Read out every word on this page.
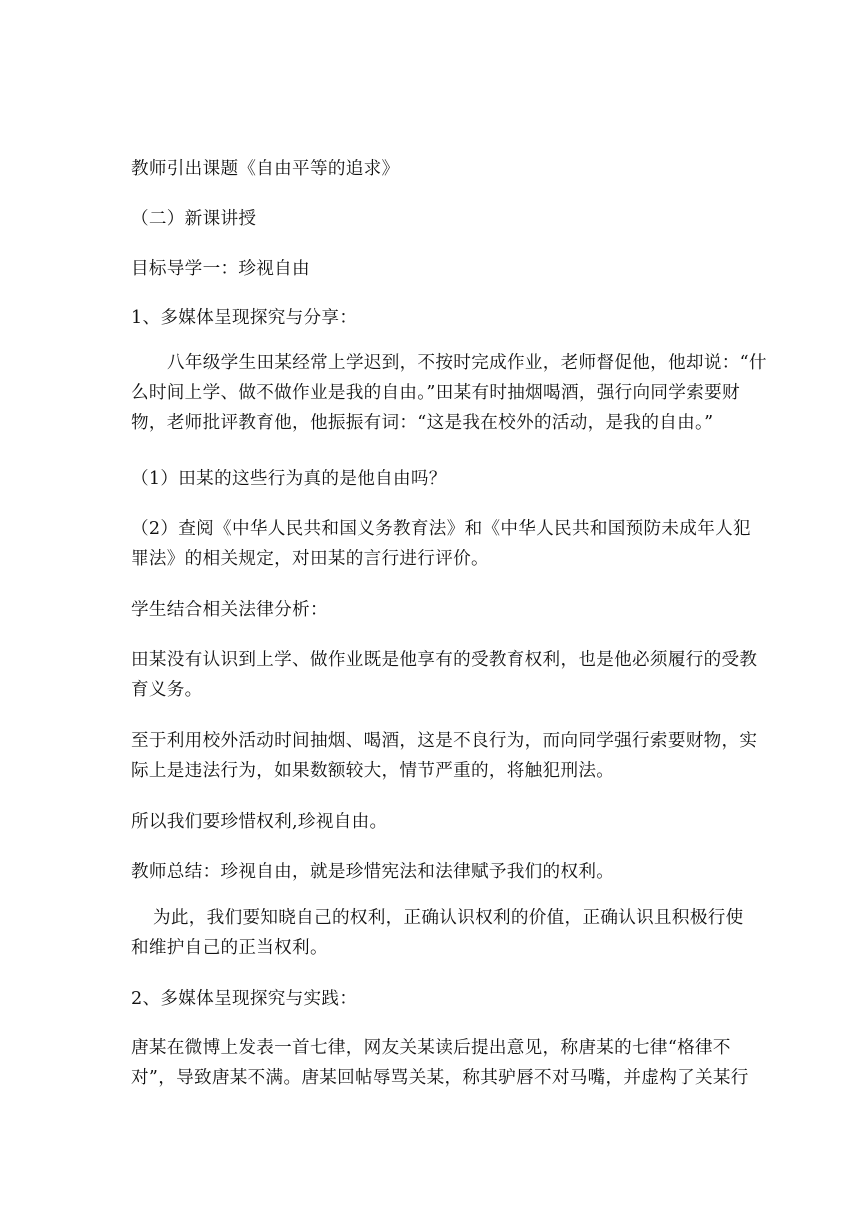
教师引出课题《自由平等的追求》

（二）新课讲授

目标导学一：珍视自由

1、多媒体呈现探究与分享：

八年级学生田某经常上学迟到，不按时完成作业，老师督促他，他却说：“什
么时间上学、做不做作业是我的自由。”田某有时抽烟喝酒，强行向同学索要财
物，老师批评教育他，他振振有词：“这是我在校外的活动，是我的自由。”

（1）田某的这些行为真的是他自由吗？

（2）查阅《中华人民共和国义务教育法》和《中华人民共和国预防未成年人犯
罪法》的相关规定，对田某的言行进行评价。

学生结合相关法律分析：

田某没有认识到上学、做作业既是他享有的受教育权利，也是他必须履行的受教
育义务。
至于利用校外活动时间抽烟、喝酒，这是不良行为，而向同学强行索要财物，实
际上是违法行为，如果数额较大，情节严重的，将触犯刑法。

所以我们要珍惜权利,珍视自由。

教师总结：珍视自由，就是珍惜宪法和法律赋予我们的权利。

为此，我们要知晓自己的权利，正确认识权利的价值，正确认识且积极行使
和维护自己的正当权利。

2、多媒体呈现探究与实践：

唐某在微博上发表一首七律，网友关某读后提出意见，称唐某的七律“格律不
对”，导致唐某不满。唐某回帖辱骂关某，称其驴唇不对马嘴，并虚构了关某行
